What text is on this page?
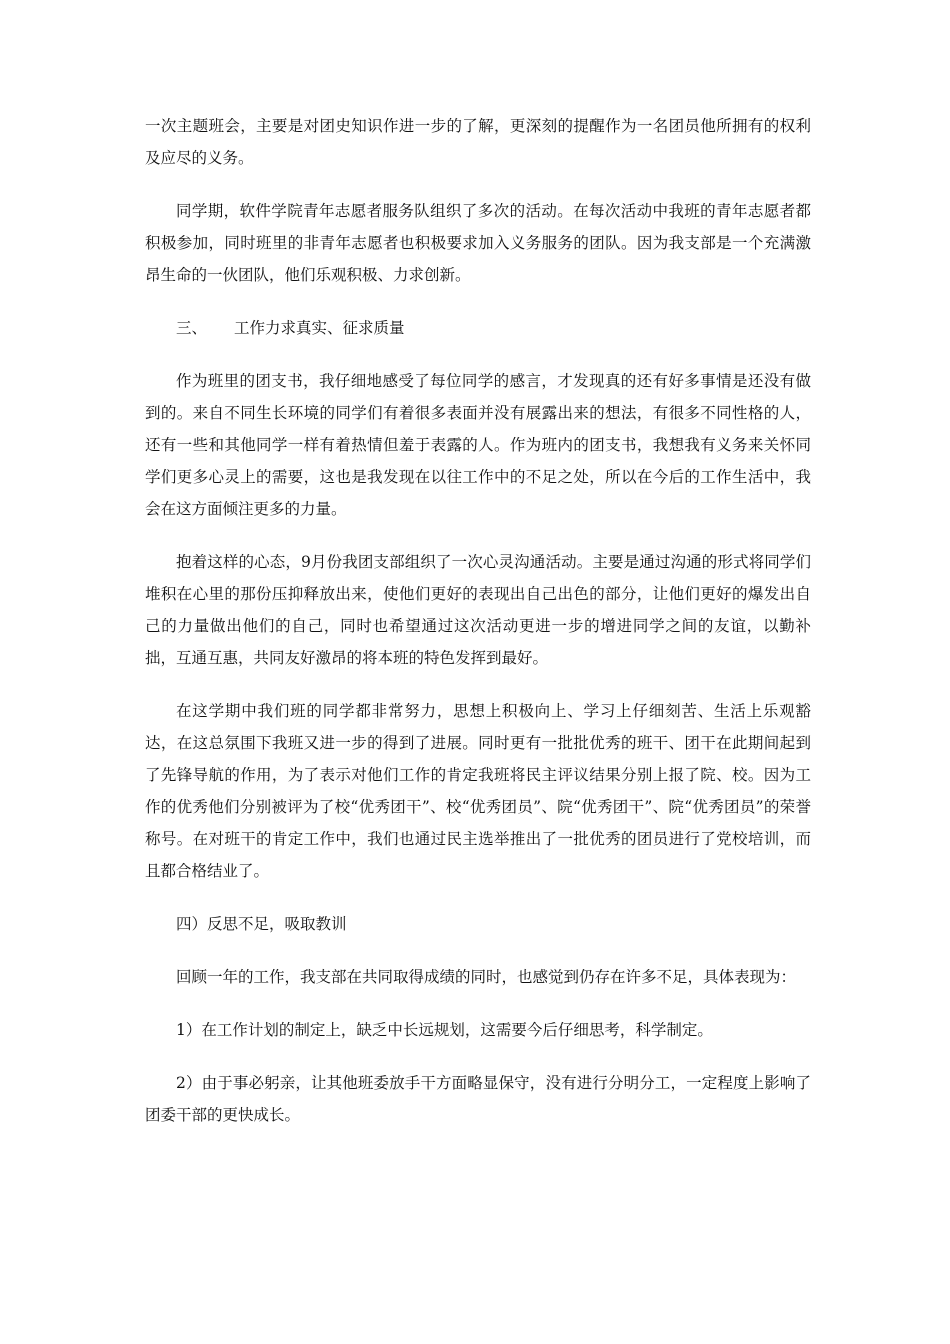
一次主题班会，主要是对团史知识作进一步的了解，更深刻的提醒作为一名团员他所拥有的权利及应尽的义务。

同学期，软件学院青年志愿者服务队组织了多次的活动。在每次活动中我班的青年志愿者都积极参加，同时班里的非青年志愿者也积极要求加入义务服务的团队。因为我支部是一个充满激昂生命的一伙团队，他们乐观积极、力求创新。

三、 工作力求真实、征求质量

作为班里的团支书，我仔细地感受了每位同学的感言，才发现真的还有好多事情是还没有做到的。来自不同生长环境的同学们有着很多表面并没有展露出来的想法，有很多不同性格的人，还有一些和其他同学一样有着热情但羞于表露的人。作为班内的团支书，我想我有义务来关怀同学们更多心灵上的需要，这也是我发现在以往工作中的不足之处，所以在今后的工作生活中，我会在这方面倾注更多的力量。

抱着这样的心态，9月份我团支部组织了一次心灵沟通活动。主要是通过沟通的形式将同学们堆积在心里的那份压抑释放出来，使他们更好的表现出自己出色的部分，让他们更好的爆发出自己的力量做出他们的自己，同时也希望通过这次活动更进一步的增进同学之间的友谊，以勤补拙，互通互惠，共同友好激昂的将本班的特色发挥到最好。

在这学期中我们班的同学都非常努力，思想上积极向上、学习上仔细刻苦、生活上乐观豁达，在这总氛围下我班又进一步的得到了进展。同时更有一批批优秀的班干、团干在此期间起到了先锋导航的作用，为了表示对他们工作的肯定我班将民主评议结果分别上报了院、校。因为工作的优秀他们分别被评为了校“优秀团干”、校“优秀团员”、院“优秀团干”、院“优秀团员”的荣誉称号。在对班干的肯定工作中，我们也通过民主选举推出了一批优秀的团员进行了党校培训，而且都合格结业了。

四）反思不足，吸取教训

回顾一年的工作，我支部在共同取得成绩的同时，也感觉到仍存在许多不足，具体表现为：

1）在工作计划的制定上，缺乏中长远规划，这需要今后仔细思考，科学制定。

2）由于事必躬亲，让其他班委放手干方面略显保守，没有进行分明分工，一定程度上影响了团委干部的更快成长。
